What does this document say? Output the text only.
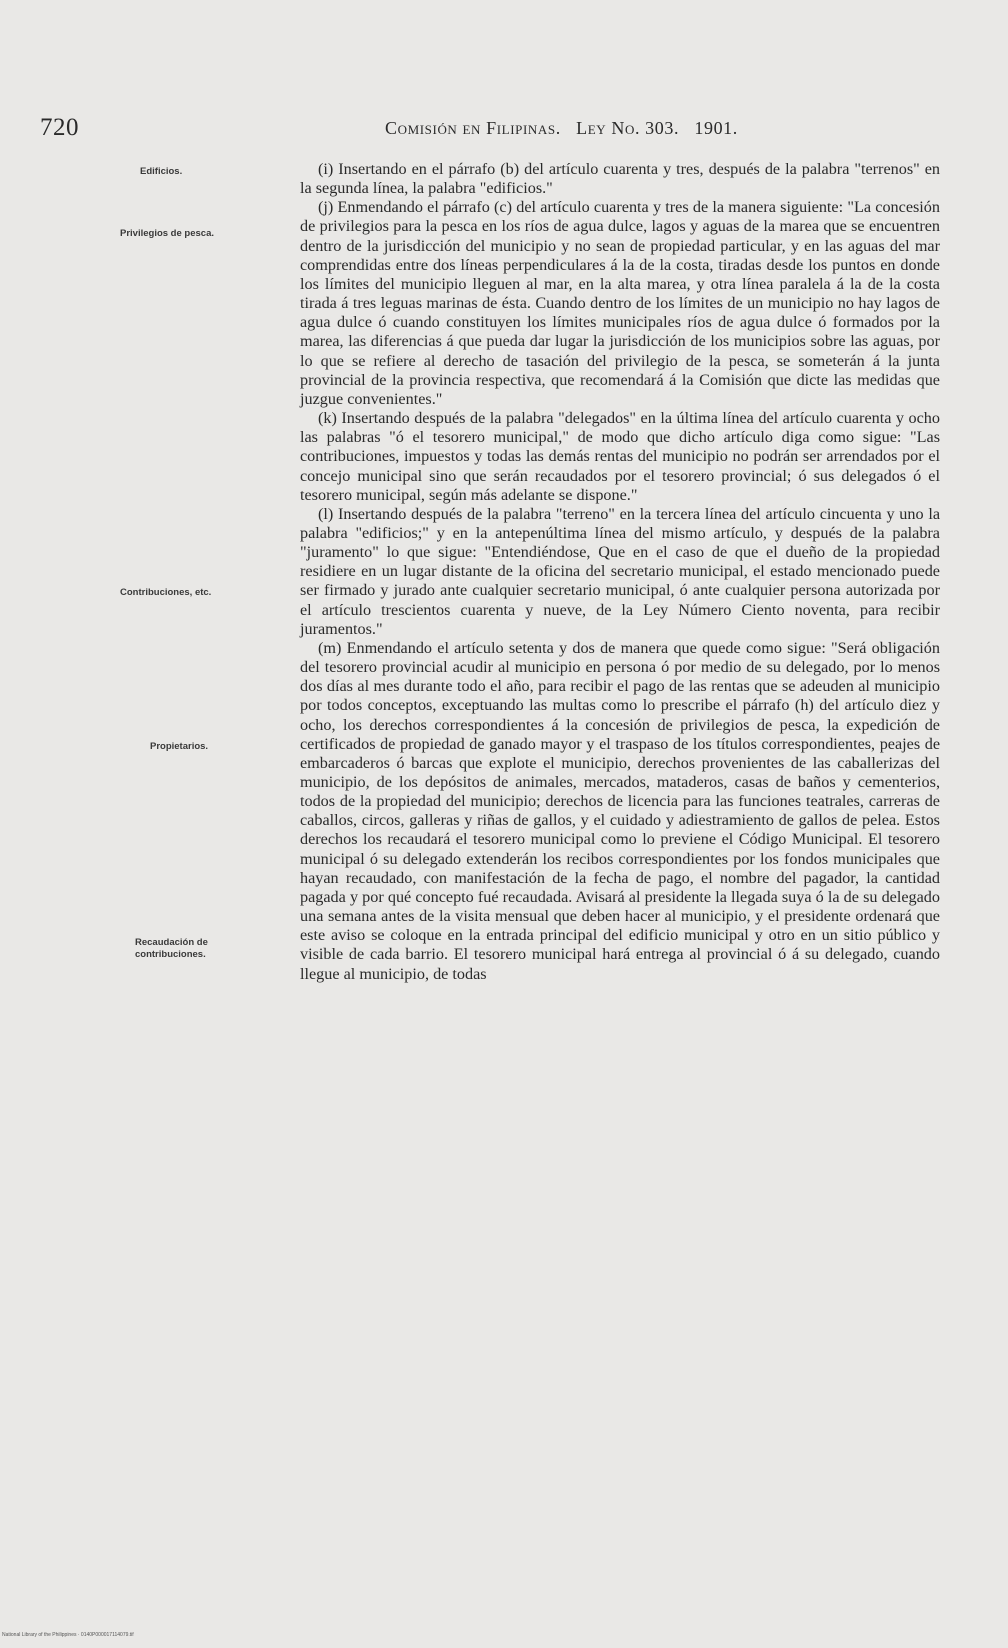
720	Comisión en Filipinas. Ley No. 303. 1901.
Edificios.
Privilegios de pesca.
Contribuciones, etc.
Propietarios.
Recaudación de contribuciones.

(i) Insertando en el párrafo (b) del artículo cuarenta y tres, después de la palabra "terrenos" en la segunda línea, la palabra "edificios."

(j) Enmendando el párrafo (c) del artículo cuarenta y tres de la manera siguiente: "La concesión de privilegios para la pesca en los ríos de agua dulce, lagos y aguas de la marea que se encuentren dentro de la jurisdicción del municipio y no sean de propiedad particular, y en las aguas del mar comprendidas entre dos líneas perpendiculares á la de la costa, tiradas desde los puntos en donde los límites del municipio lleguen al mar, en la alta marea, y otra línea paralela á la de la costa tirada á tres leguas marinas de ésta. Cuando dentro de los límites de un municipio no hay lagos de agua dulce ó cuando constituyen los límites municipales ríos de agua dulce ó formados por la marea, las diferencias á que pueda dar lugar la jurisdicción de los municipios sobre las aguas, por lo que se refiere al derecho de tasación del privilegio de la pesca, se someterán á la junta provincial de la provincia respectiva, que recomendará á la Comisión que dicte las medidas que juzgue convenientes."

(k) Insertando después de la palabra "delegados" en la última línea del artículo cuarenta y ocho las palabras "ó el tesorero municipal," de modo que dicho artículo diga como sigue: "Las contribuciones, impuestos y todas las demás rentas del municipio no podrán ser arrendados por el concejo municipal sino que serán recaudados por el tesorero provincial; ó sus delegados ó el tesorero municipal, según más adelante se dispone."

(l) Insertando después de la palabra "terreno" en la tercera línea del artículo cincuenta y uno la palabra "edificios;" y en la antepenúltima línea del mismo artículo, y después de la palabra "juramento" lo que sigue: "Entendiéndose, Que en el caso de que el dueño de la propiedad residiere en un lugar distante de la oficina del secretario municipal, el estado mencionado puede ser firmado y jurado ante cualquier secretario municipal, ó ante cualquier persona autorizada por el artículo trescientos cuarenta y nueve, de la Ley Número Ciento noventa, para recibir juramentos."

(m) Enmendando el artículo setenta y dos de manera que quede como sigue: "Será obligación del tesorero provincial acudir al municipio en persona ó por medio de su delegado, por lo menos dos días al mes durante todo el año, para recibir el pago de las rentas que se adeuden al municipio por todos conceptos, exceptuando las multas como lo prescribe el párrafo (h) del artículo diez y ocho, los derechos correspondientes á la concesión de privilegios de pesca, la expedición de certificados de propiedad de ganado mayor y el traspaso de los títulos correspondientes, peajes de embarcaderos ó barcas que explote el municipio, derechos provenientes de las caballerizas del municipio, de los depósitos de animales, mercados, mataderos, casas de baños y cementerios, todos de la propiedad del municipio; derechos de licencia para las funciones teatrales, carreras de caballos, circos, galleras y riñas de gallos, y el cuidado y adiestramiento de gallos de pelea. Estos derechos los recaudará el tesorero municipal como lo previene el Código Municipal. El tesorero municipal ó su delegado extenderán los recibos correspondientes por los fondos municipales que hayan recaudado, con manifestación de la fecha de pago, el nombre del pagador, la cantidad pagada y por qué concepto fué recaudada. Avisará al presidente la llegada suya ó la de su delegado una semana antes de la visita mensual que deben hacer al municipio, y el presidente ordenará que este aviso se coloque en la entrada principal del edificio municipal y otro en un sitio público y visible de cada barrio. El tesorero municipal hará entrega al provincial ó á su delegado, cuando llegue al municipio, de todas

National Library of the Philippines · 0140P000017114079.tif
